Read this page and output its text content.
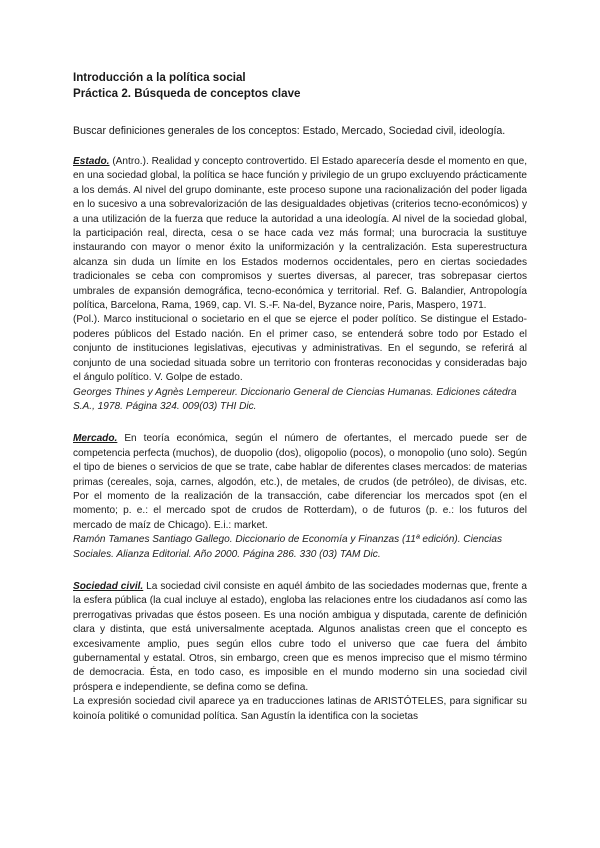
Introducción a la política social

Práctica 2. Búsqueda de conceptos clave

Buscar definiciones generales de los conceptos: Estado, Mercado, Sociedad civil, ideología.

Estado. (Antro.). Realidad y concepto controvertido. El Estado aparecería desde el momento en que, en una sociedad global, la política se hace función y privilegio de un grupo excluyendo prácticamente a los demás. Al nivel del grupo dominante, este proceso supone una racionalización del poder ligada en lo sucesivo a una sobrevalorización de las desigualdades objetivas (criterios tecno-económicos) y a una utilización de la fuerza que reduce la autoridad a una ideología. Al nivel de la sociedad global, la participación real, directa, cesa o se hace cada vez más formal; una burocracia la sustituye instaurando con mayor o menor éxito la uniformización y la centralización. Esta superestructura alcanza sin duda un límite en los Estados modernos occidentales, pero en ciertas sociedades tradicionales se ceba con compromisos y suertes diversas, al parecer, tras sobrepasar ciertos umbrales de expansión demográfica, tecno-económica y territorial. Ref. G. Balandier, Antropología política, Barcelona, Rama, 1969, cap. VI. S.-F. Na-del, Byzance noire, Paris, Maspero, 1971.

(Pol.). Marco institucional o societario en el que se ejerce el poder político. Se distingue el Estado-poderes públicos del Estado nación. En el primer caso, se entenderá sobre todo por Estado el conjunto de instituciones legislativas, ejecutivas y administrativas. En el segundo, se referirá al conjunto de una sociedad situada sobre un territorio con fronteras reconocidas y consideradas bajo el ángulo político. V. Golpe de estado.

Georges Thines y Agnès Lempereur. Diccionario General de Ciencias Humanas. Ediciones cátedra S.A., 1978. Página 324. 009(03) THI Dic.

Mercado. En teoría económica, según el número de ofertantes, el mercado puede ser de competencia perfecta (muchos), de duopolio (dos), oligopolio (pocos), o monopolio (uno solo). Según el tipo de bienes o servicios de que se trate, cabe hablar de diferentes clases mercados: de materias primas (cereales, soja, carnes, algodón, etc.), de metales, de crudos (de petróleo), de divisas, etc. Por el momento de la realización de la transacción, cabe diferenciar los mercados spot (en el momento; p. e.: el mercado spot de crudos de Rotterdam), o de futuros (p. e.: los futuros del mercado de maíz de Chicago). E.i.: market.

Ramón Tamanes Santiago Gallego. Diccionario de Economía y Finanzas (11ª edición). Ciencias Sociales. Alianza Editorial. Año 2000. Página 286. 330 (03) TAM Dic.

Sociedad civil. La sociedad civil consiste en aquél ámbito de las sociedades modernas que, frente a la esfera pública (la cual incluye al estado), engloba las relaciones entre los ciudadanos así como las prerrogativas privadas que éstos poseen. Es una noción ambigua y disputada, carente de definición clara y distinta, que está universalmente aceptada. Algunos analistas creen que el concepto es excesivamente amplio, pues según ellos cubre todo el universo que cae fuera del ámbito gubernamental y estatal. Otros, sin embargo, creen que es menos impreciso que el mismo término de democracia. Ésta, en todo caso, es imposible en el mundo moderno sin una sociedad civil próspera e independiente, se defina como se defina.

La expresión sociedad civil aparece ya en traducciones latinas de ARISTÓTELES, para significar su koinoía politiké o comunidad política. San Agustín la identifica con la societas
